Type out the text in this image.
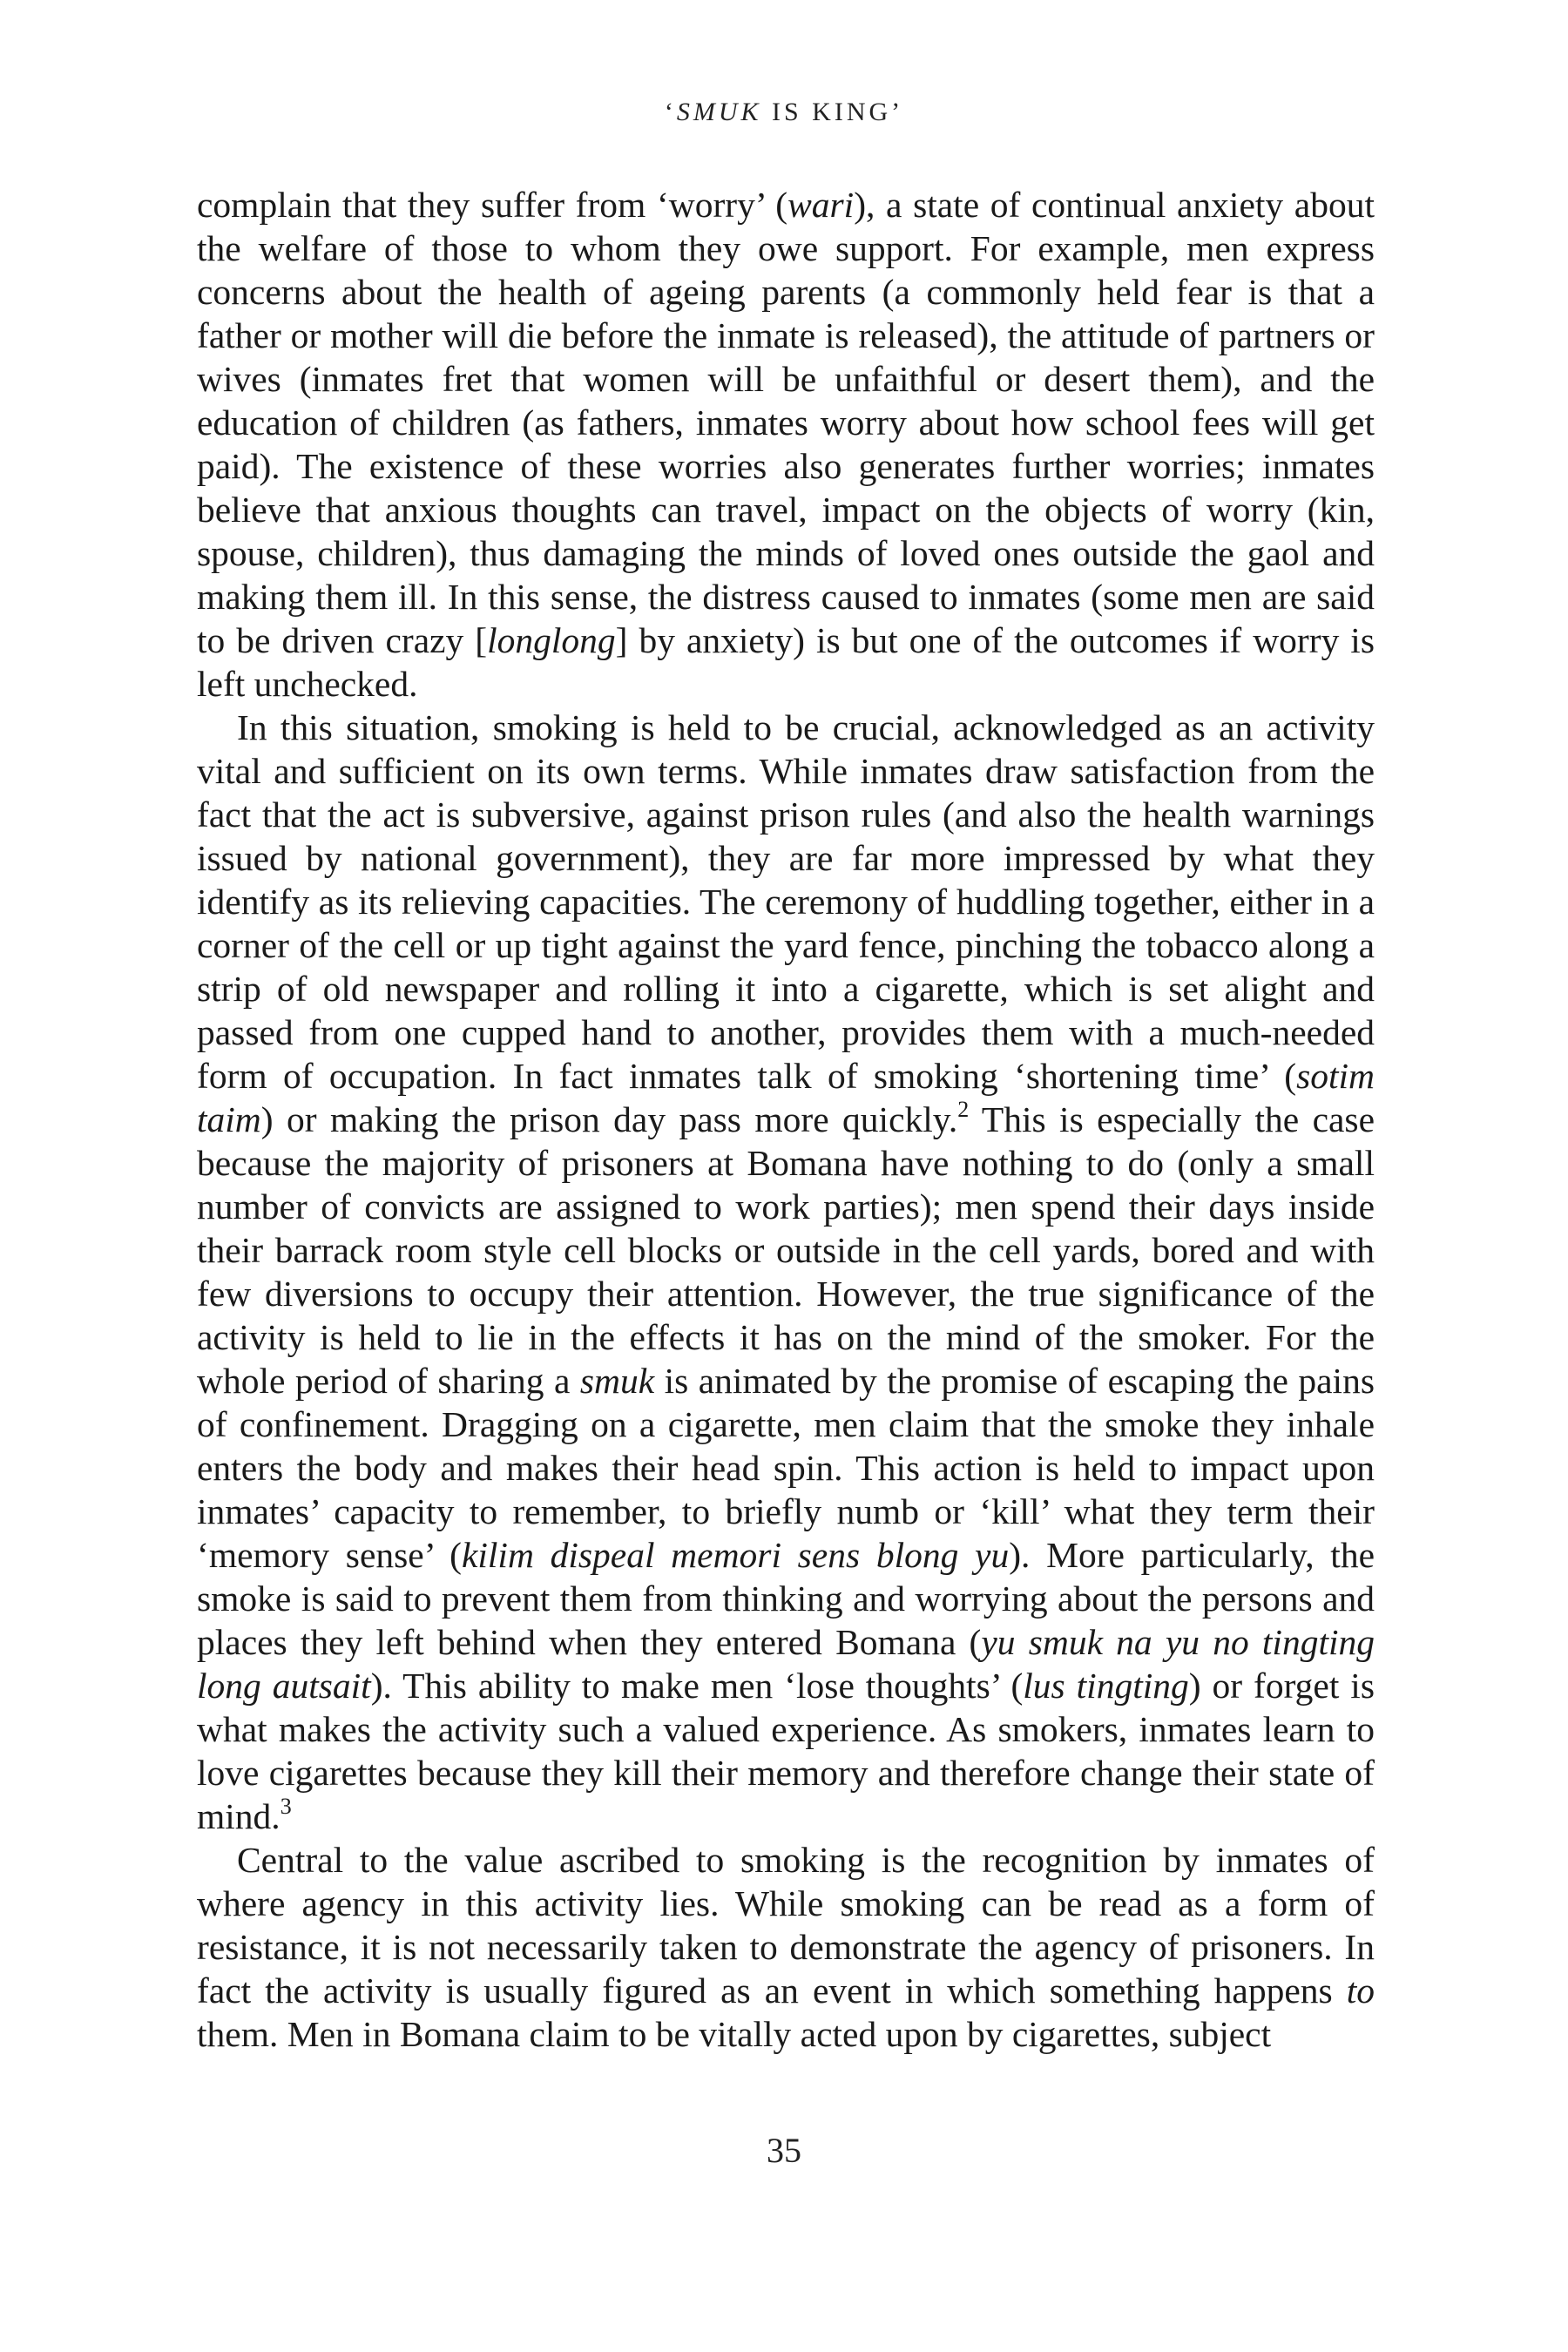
‘SMUK IS KING’

complain that they suffer from ‘worry’ (wari), a state of continual anxiety about the welfare of those to whom they owe support. For example, men express concerns about the health of ageing parents (a commonly held fear is that a father or mother will die before the inmate is released), the attitude of partners or wives (inmates fret that women will be unfaithful or desert them), and the education of children (as fathers, inmates worry about how school fees will get paid). The existence of these worries also generates further worries; inmates believe that anxious thoughts can travel, impact on the objects of worry (kin, spouse, children), thus damaging the minds of loved ones outside the gaol and making them ill. In this sense, the distress caused to inmates (some men are said to be driven crazy [longlong] by anxiety) is but one of the outcomes if worry is left unchecked.

In this situation, smoking is held to be crucial, acknowledged as an activity vital and sufficient on its own terms. While inmates draw satisfaction from the fact that the act is subversive, against prison rules (and also the health warnings issued by national government), they are far more impressed by what they identify as its relieving capacities. The ceremony of huddling together, either in a corner of the cell or up tight against the yard fence, pinching the tobacco along a strip of old newspaper and rolling it into a cigarette, which is set alight and passed from one cupped hand to another, provides them with a much-needed form of occupation. In fact inmates talk of smoking ‘shortening time’ (sotim taim) or making the prison day pass more quickly.$^2$ This is especially the case because the majority of prisoners at Bomana have nothing to do (only a small number of convicts are assigned to work parties); men spend their days inside their barrack room style cell blocks or outside in the cell yards, bored and with few diversions to occupy their attention. However, the true significance of the activity is held to lie in the effects it has on the mind of the smoker. For the whole period of sharing a smuk is animated by the promise of escaping the pains of confinement. Dragging on a cigarette, men claim that the smoke they inhale enters the body and makes their head spin. This action is held to impact upon inmates’ capacity to remember, to briefly numb or ‘kill’ what they term their ‘memory sense’ (kilim dispeal memori sens blong yu). More particularly, the smoke is said to prevent them from thinking and worrying about the persons and places they left behind when they entered Bomana (yu smuk na yu no tingting long autsait). This ability to make men ‘lose thoughts’ (lus tingting) or forget is what makes the activity such a valued experience. As smokers, inmates learn to love cigarettes because they kill their memory and therefore change their state of mind.$^3$

Central to the value ascribed to smoking is the recognition by inmates of where agency in this activity lies. While smoking can be read as a form of resistance, it is not necessarily taken to demonstrate the agency of prisoners. In fact the activity is usually figured as an event in which something happens to them. Men in Bomana claim to be vitally acted upon by cigarettes, subject

35
